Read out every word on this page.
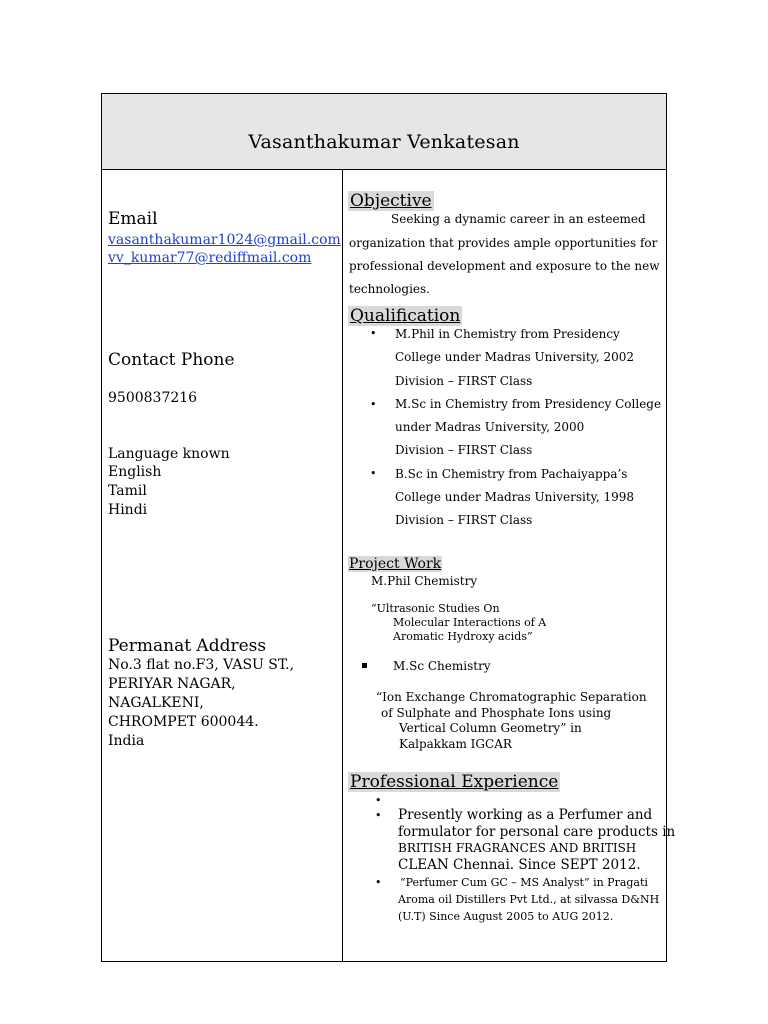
Vasanthakumar Venkatesan
Email
vasanthakumar1024@gmail.com
vv_kumar77@rediffmail.com
Contact Phone
9500837216
Language known
English
Tamil
Hindi
Permanat Address
No.3 flat no.F3, VASU ST.,
PERIYAR NAGAR,
NAGALKENI,
CHROMPET 600044.
India
Objective
Seeking a dynamic career in an esteemed
organization that provides ample opportunities for
professional development and exposure to the new
technologies.
Qualification
• M.Phil in Chemistry from Presidency
College under Madras University, 2002
Division – FIRST Class
• M.Sc in Chemistry from Presidency College
under Madras University, 2000
Division – FIRST Class
• B.Sc in Chemistry from Pachaiyappa’s
College under Madras University, 1998
Division – FIRST Class
Project Work
M.Phil Chemistry
“Ultrasonic Studies On
Molecular Interactions of A
Aromatic Hydroxy acids”
M.Sc Chemistry
“Ion Exchange Chromatographic Separation
of Sulphate and Phosphate Ions using
Vertical Column Geometry” in
Kalpakkam IGCAR
Professional Experience
•
• Presently working as a Perfumer and
formulator for personal care products in
BRITISH FRAGRANCES AND BRITISH
CLEAN Chennai. Since SEPT 2012.
• “Perfumer Cum GC – MS Analyst” in Pragati
Aroma oil Distillers Pvt Ltd., at silvassa D&NH
(U.T) Since August 2005 to AUG 2012.
